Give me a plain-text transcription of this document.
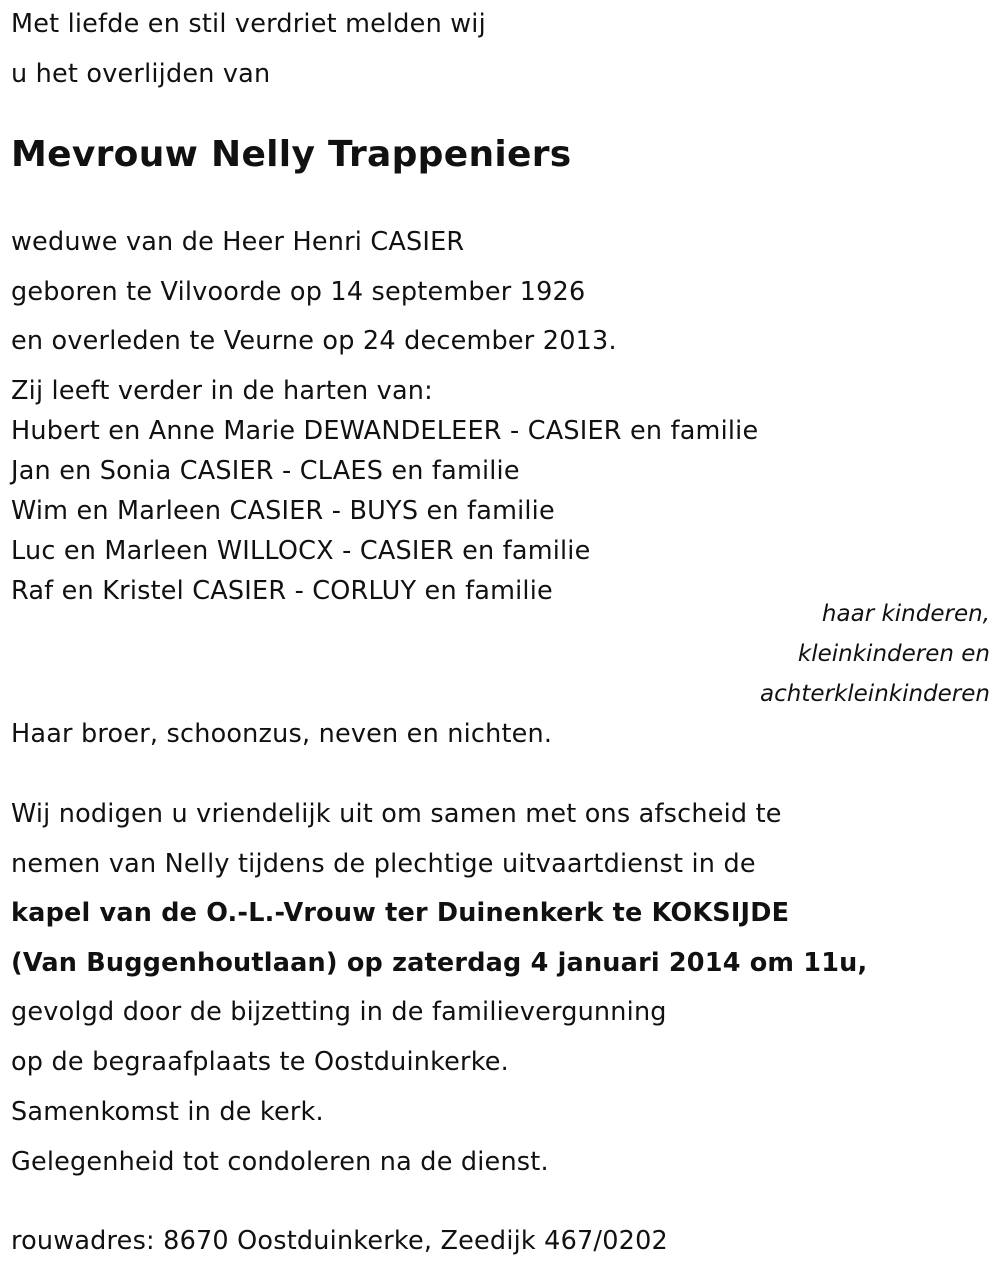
Met liefde en stil verdriet melden wij
u het overlijden van
Mevrouw Nelly Trappeniers
weduwe van de Heer Henri CASIER
geboren te Vilvoorde op 14 september 1926
en overleden te Veurne op 24 december 2013.
Zij leeft verder in de harten van:
Hubert en Anne Marie DEWANDELEER - CASIER en familie
Jan en Sonia CASIER - CLAES en familie
Wim en Marleen CASIER - BUYS en familie
Luc en Marleen WILLOCX - CASIER en familie
Raf en Kristel CASIER - CORLUY en familie
haar kinderen,
kleinkinderen en
achterkleinkinderen
Haar broer, schoonzus, neven en nichten.
Wij nodigen u vriendelijk uit om samen met ons afscheid te
nemen van Nelly tijdens de plechtige uitvaartdienst in de
kapel van de O.-L.-Vrouw ter Duinenkerk te KOKSIJDE
(Van Buggenhoutlaan) op zaterdag 4 januari 2014 om 11u,
gevolgd door de bijzetting in de familievergunning
op de begraafplaats te Oostduinkerke.
Samenkomst in de kerk.
Gelegenheid tot condoleren na de dienst.
rouwadres: 8670 Oostduinkerke, Zeedijk 467/0202
